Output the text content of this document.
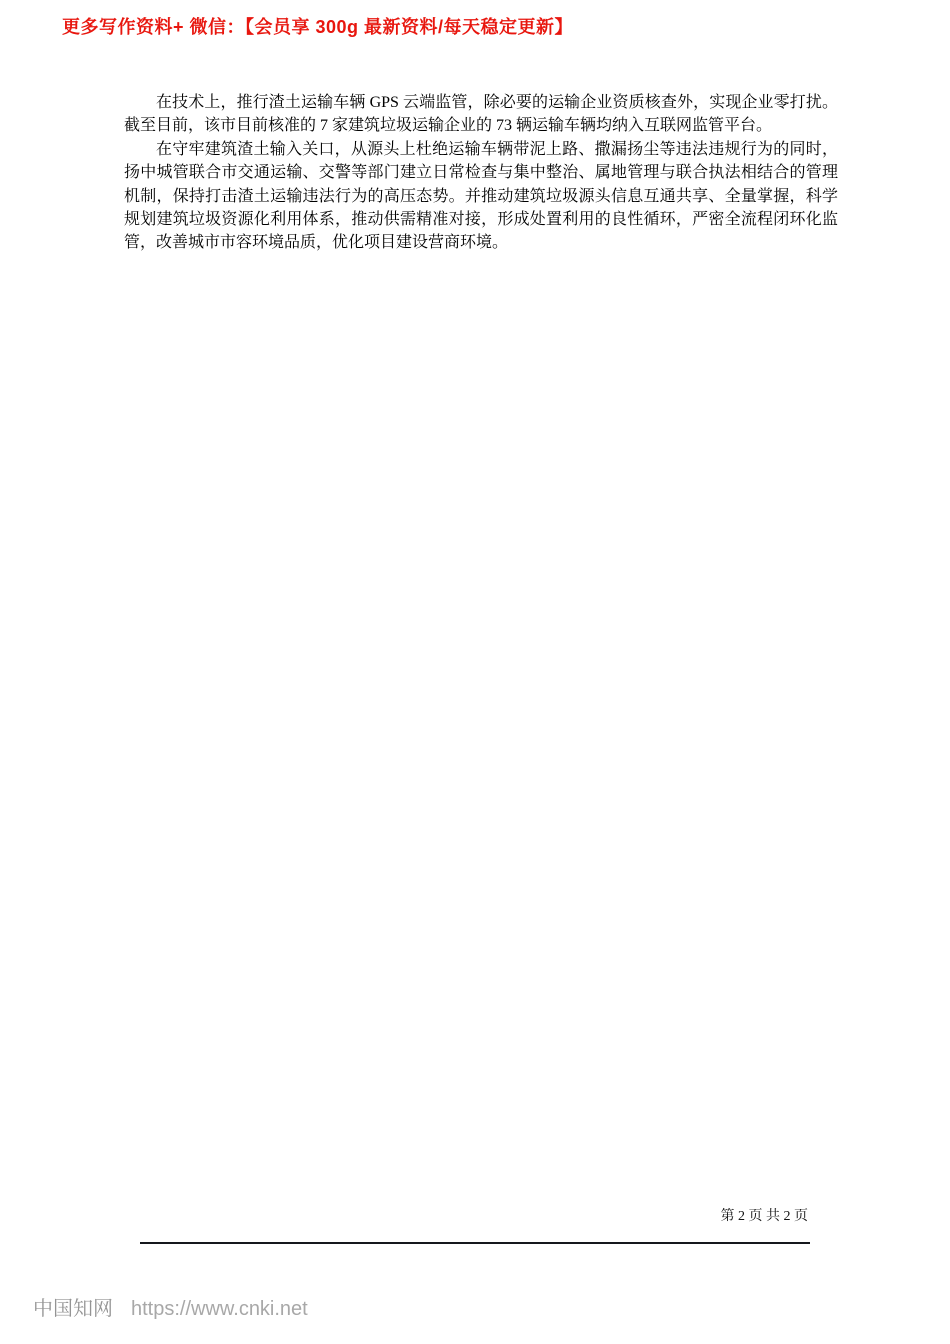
更多写作资料+ 微信：【会员享 300g 最新资料/每天稳定更新】

在技术上，推行渣土运输车辆 GPS 云端监管，除必要的运输企业资质核查外，实现企业零打扰。截至目前，该市目前核准的 7 家建筑垃圾运输企业的 73 辆运输车辆均纳入互联网监管平台。

在守牢建筑渣土输入关口，从源头上杜绝运输车辆带泥上路、撒漏扬尘等违法违规行为的同时，扬中城管联合市交通运输、交警等部门建立日常检查与集中整治、属地管理与联合执法相结合的管理机制，保持打击渣土运输违法行为的高压态势。并推动建筑垃圾源头信息互通共享、全量掌握，科学规划建筑垃圾资源化利用体系，推动供需精准对接，形成处置利用的良性循环，严密全流程闭环化监管，改善城市市容环境品质，优化项目建设营商环境。

第 2 页 共 2 页
中国知网 https://www.cnki.net
